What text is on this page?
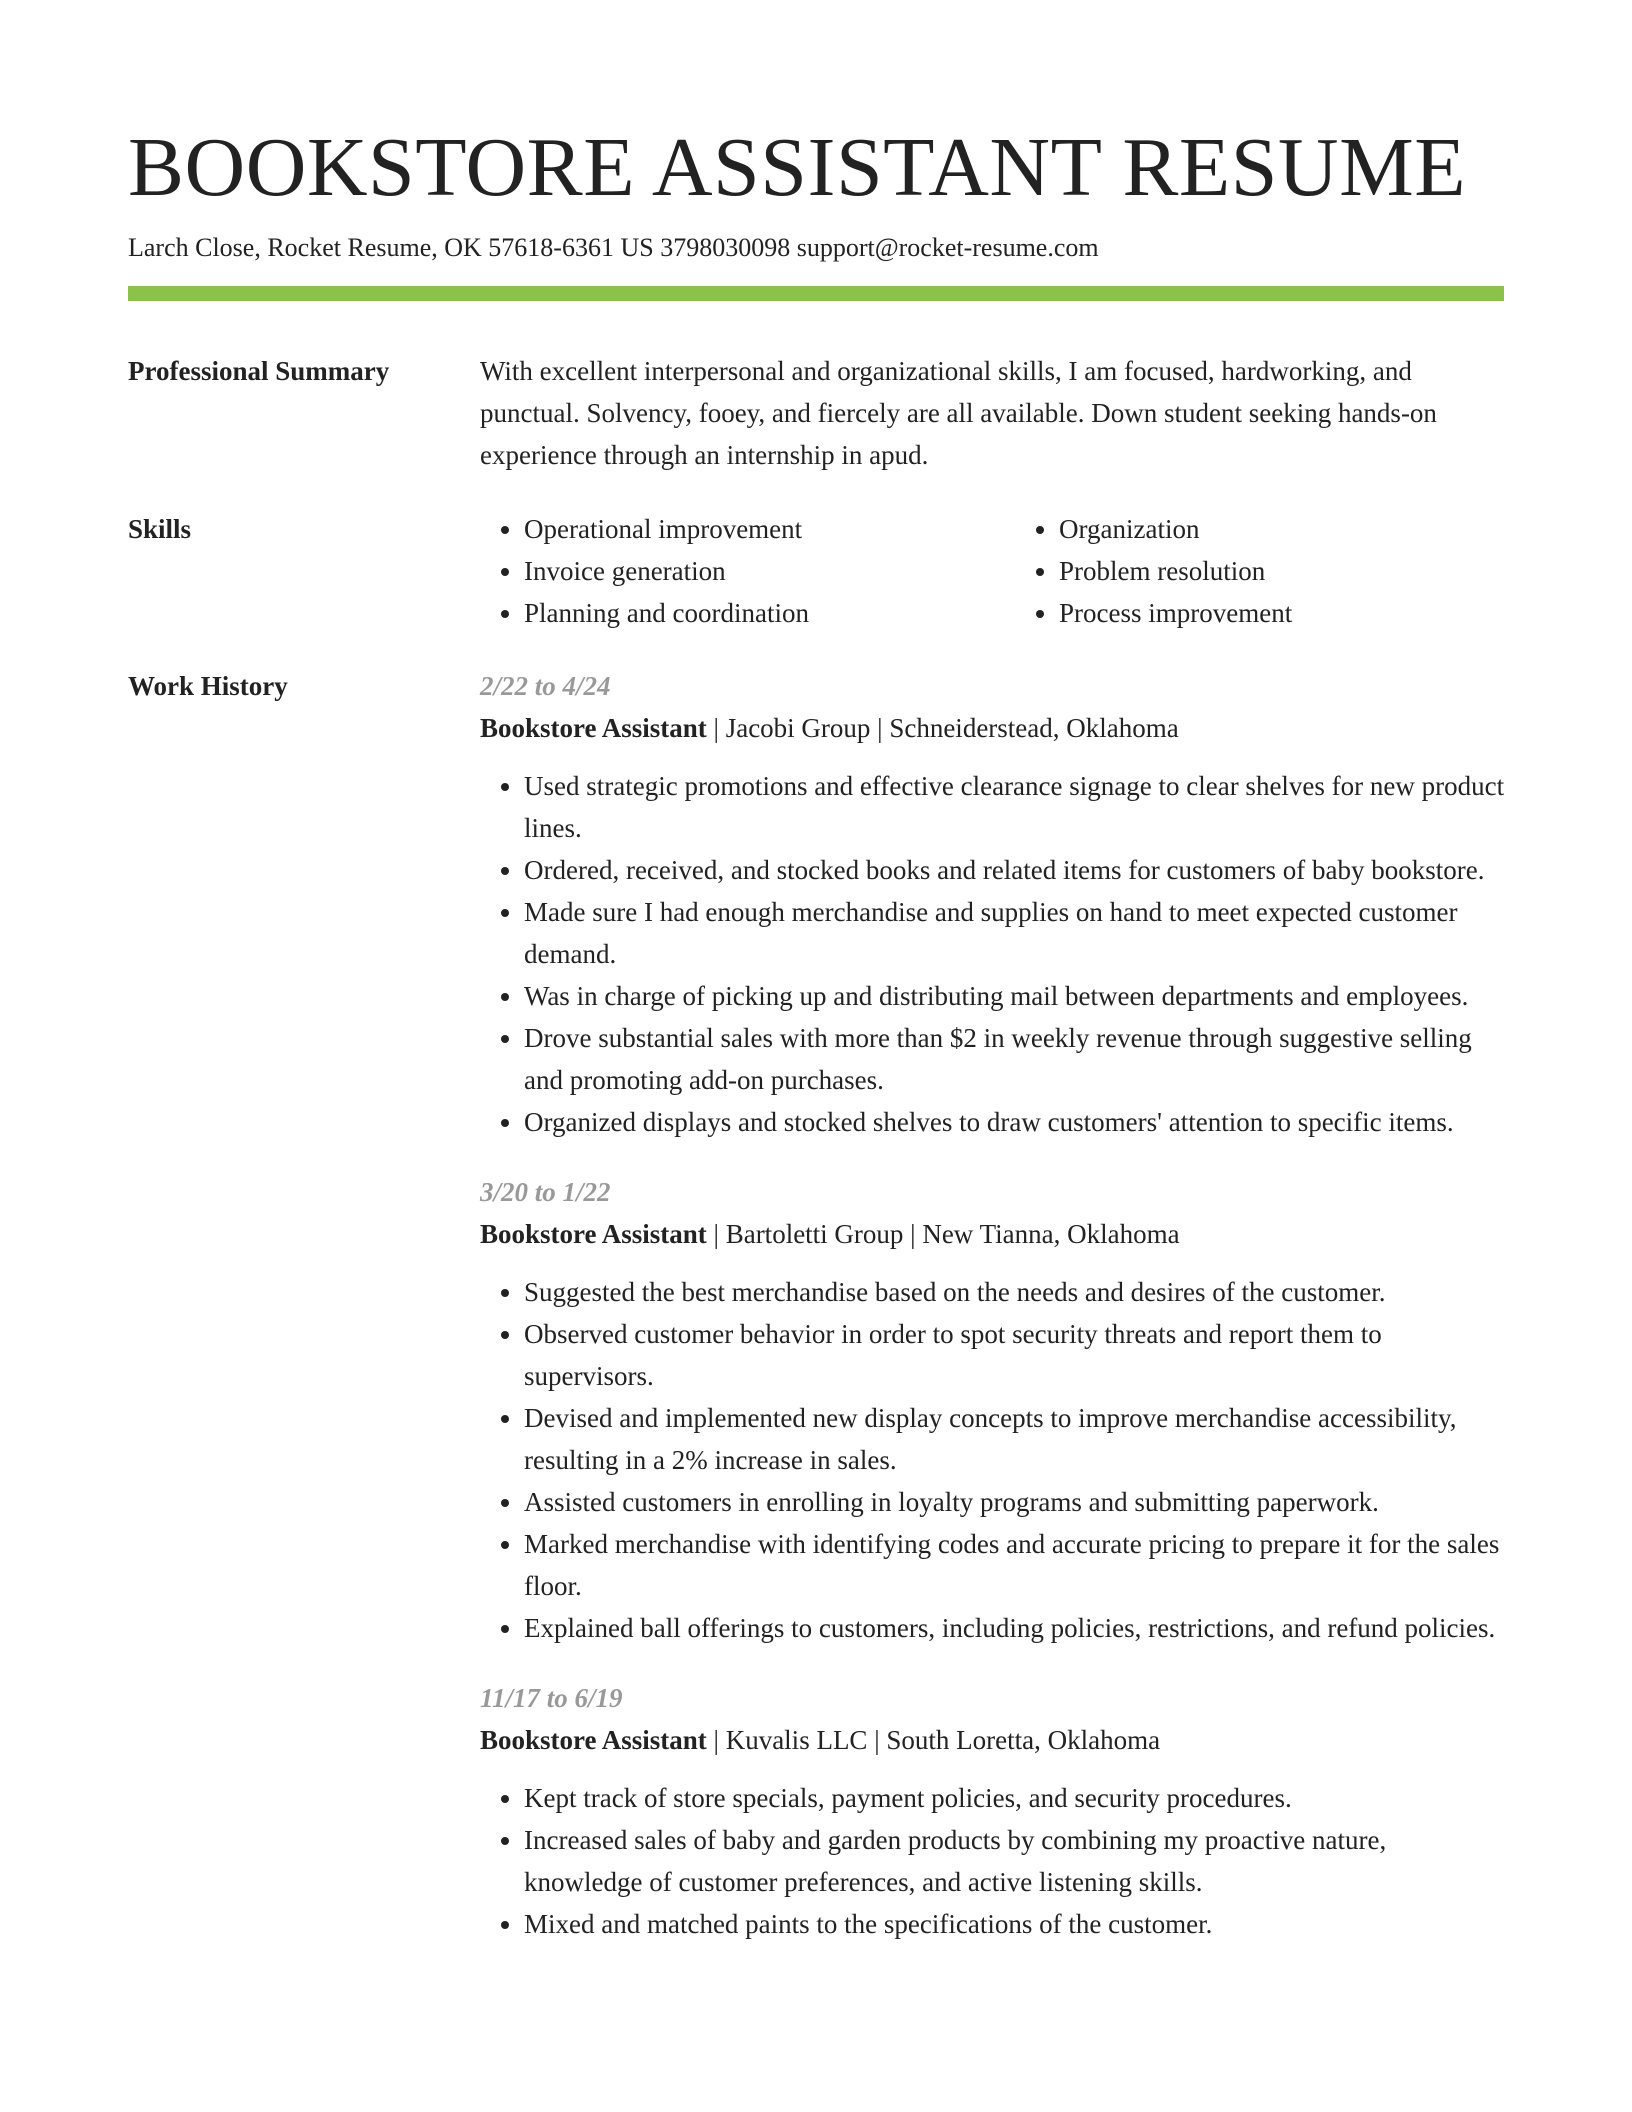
BOOKSTORE ASSISTANT RESUME
Larch Close, Rocket Resume, OK 57618-6361 US 3798030098 support@rocket-resume.com
Professional Summary	With excellent interpersonal and organizational skills, I am focused, hardworking, and punctual. Solvency, fooey, and fiercely are all available. Down student seeking hands-on experience through an internship in apud.

Skills
•	Operational improvement
• Invoice generation
• Planning and coordination
• Organization
• Problem resolution
• Process improvement
Work History	2/22 to 4/24
Bookstore Assistant | Jacobi Group | Schneiderstead, Oklahoma
• Used strategic promotions and effective clearance signage to clear shelves for new product lines.
• Ordered, received, and stocked books and related items for customers of baby bookstore.
• Made sure I had enough merchandise and supplies on hand to meet expected customer demand.
• Was in charge of picking up and distributing mail between departments and employees.
• Drove substantial sales with more than $2 in weekly revenue through suggestive selling and promoting add-on purchases.
• Organized displays and stocked shelves to draw customers' attention to specific items.
3/20 to 1/22
Bookstore Assistant | Bartoletti Group | New Tianna, Oklahoma
• Suggested the best merchandise based on the needs and desires of the customer.
• Observed customer behavior in order to spot security threats and report them to supervisors.
• Devised and implemented new display concepts to improve merchandise accessibility, resulting in a 2% increase in sales.
• Assisted customers in enrolling in loyalty programs and submitting paperwork.
• Marked merchandise with identifying codes and accurate pricing to prepare it for the sales floor.
• Explained ball offerings to customers, including policies, restrictions, and refund policies.
11/17 to 6/19
Bookstore Assistant | Kuvalis LLC | South Loretta, Oklahoma
• Kept track of store specials, payment policies, and security procedures.
• Increased sales of baby and garden products by combining my proactive nature, knowledge of customer preferences, and active listening skills.
• Mixed and matched paints to the specifications of the customer.
